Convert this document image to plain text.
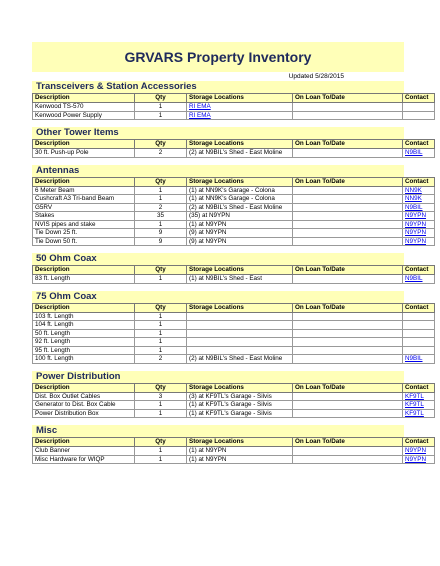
GRVARS Property Inventory
Updated 5/28/2015
Transceivers & Station Accessories
Description	Qty	Storage Locations	On Loan To/Date	Contact
Kenwood TS-570	1	RI EMA		
Kenwood Power Supply	1	RI EMA		
Other Tower Items
Description	Qty	Storage Locations	On Loan To/Date	Contact
30 ft. Push-up Pole	2	(2) at N9BIL's Shed - East Moline		N9BIL
Antennas
Description	Qty	Storage Locations	On Loan To/Date	Contact
6 Meter Beam	1	(1) at NN9K's Garage - Colona		NN9K
Cushcraft A3 Tri-band Beam	1	(1) at NN9K's Garage - Colona		NN9K
G5RV	2	(2) at N9BIL's Shed - East Moline		N9BIL
Stakes	35	(35) at N9YPN		N9YPN
NVIS pipes and stake	1	(1) at N9YPN		N9YPN
Tie Down 25 ft.	9	(9) at N9YPN		N9YPN
Tie Down 50 ft.	9	(9) at N9YPN		N9YPN
50 Ohm Coax
Description	Qty	Storage Locations	On Loan To/Date	Contact
83 ft. Length	1	(1) at N9BIL's Shed - East		N9BIL
75 Ohm Coax
Description	Qty	Storage Locations	On Loan To/Date	Contact
103 ft. Length	1			
104 ft. Length	1			
50 ft. Length	1			
92 ft. Length	1			
95 ft. Length	1			
100 ft. Length	2	(2) at N9BIL's Shed - East Moline		N9BIL
Power Distribution
Description	Qty	Storage Locations	On Loan To/Date	Contact
Dist. Box Outlet Cables	3	(3) at KF9TL's Garage - Silvis		KF9TL
Generator to Dist. Box Cable	1	(1) at KF9TL's Garage - Silvis		KF9TL
Power Distribution Box	1	(1) at KF9TL's Garage - Silvis		KF9TL
Misc
Description	Qty	Storage Locations	On Loan To/Date	Contact
Club Banner	1	(1) at N9YPN		N9YPN
Misc Hardware for WIQP	1	(1) at N9YPN		N9YPN
